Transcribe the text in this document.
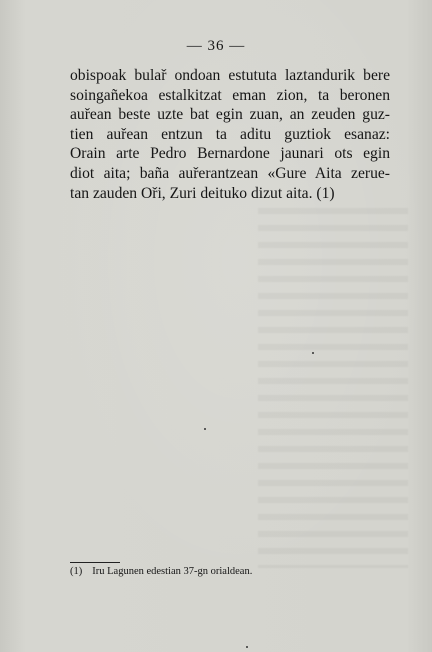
— 36 —
obispoak bulař ondoan estututa laztandurik bere
soingañekoa estalkitzat eman zion, ta beronen
auřean beste uzte bat egin zuan, an zeuden guz-
tien auřean entzun ta aditu guztiok esanaz:
Orain arte Pedro Bernardone jaunari ots egin
diot aita; baña auřerantzean «Gure Aita zerue-
tan zauden Oři, Zuri deituko dizut aita. (1)
(1) Iru Lagunen edestian 37-gn orialdean.
